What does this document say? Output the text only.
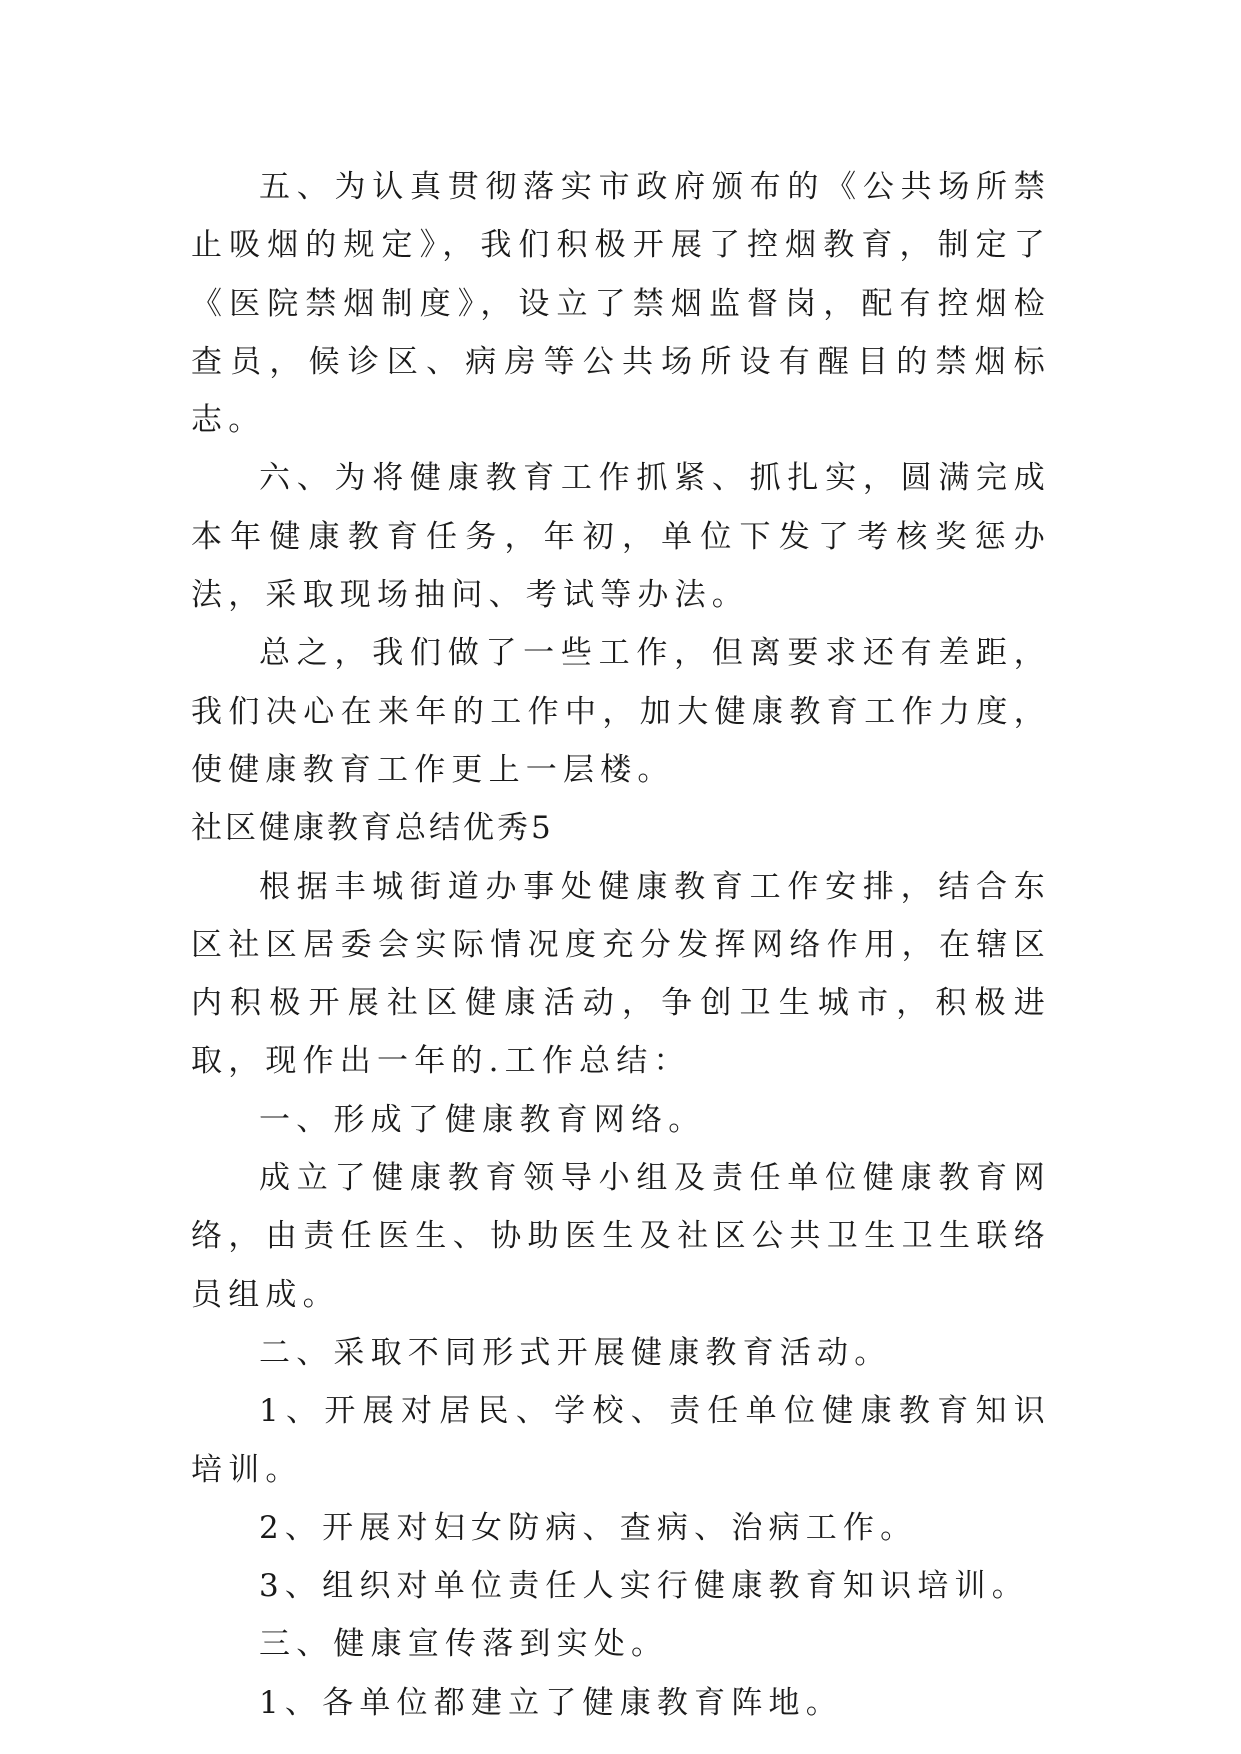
五、为认真贯彻落实市政府颁布的《公共场所禁止吸烟的规定》，我们积极开展了控烟教育，制定了《医院禁烟制度》，设立了禁烟监督岗，配有控烟检查员，候诊区、病房等公共场所设有醒目的禁烟标志。

六、为将健康教育工作抓紧、抓扎实，圆满完成本年健康教育任务，年初，单位下发了考核奖惩办法，采取现场抽问、考试等办法。

总之，我们做了一些工作，但离要求还有差距，我们决心在来年的工作中，加大健康教育工作力度，使健康教育工作更上一层楼。

社区健康教育总结优秀5

根据丰城街道办事处健康教育工作安排，结合东区社区居委会实际情况度充分发挥网络作用，在辖区内积极开展社区健康活动，争创卫生城市，积极进取，现作出一年的.工作总结：

一、形成了健康教育网络。

成立了健康教育领导小组及责任单位健康教育网络，由责任医生、协助医生及社区公共卫生卫生联络员组成。

二、采取不同形式开展健康教育活动。

1、开展对居民、学校、责任单位健康教育知识培训。

2、开展对妇女防病、查病、治病工作。

3、组织对单位责任人实行健康教育知识培训。

三、健康宣传落到实处。

1、各单位都建立了健康教育阵地。
